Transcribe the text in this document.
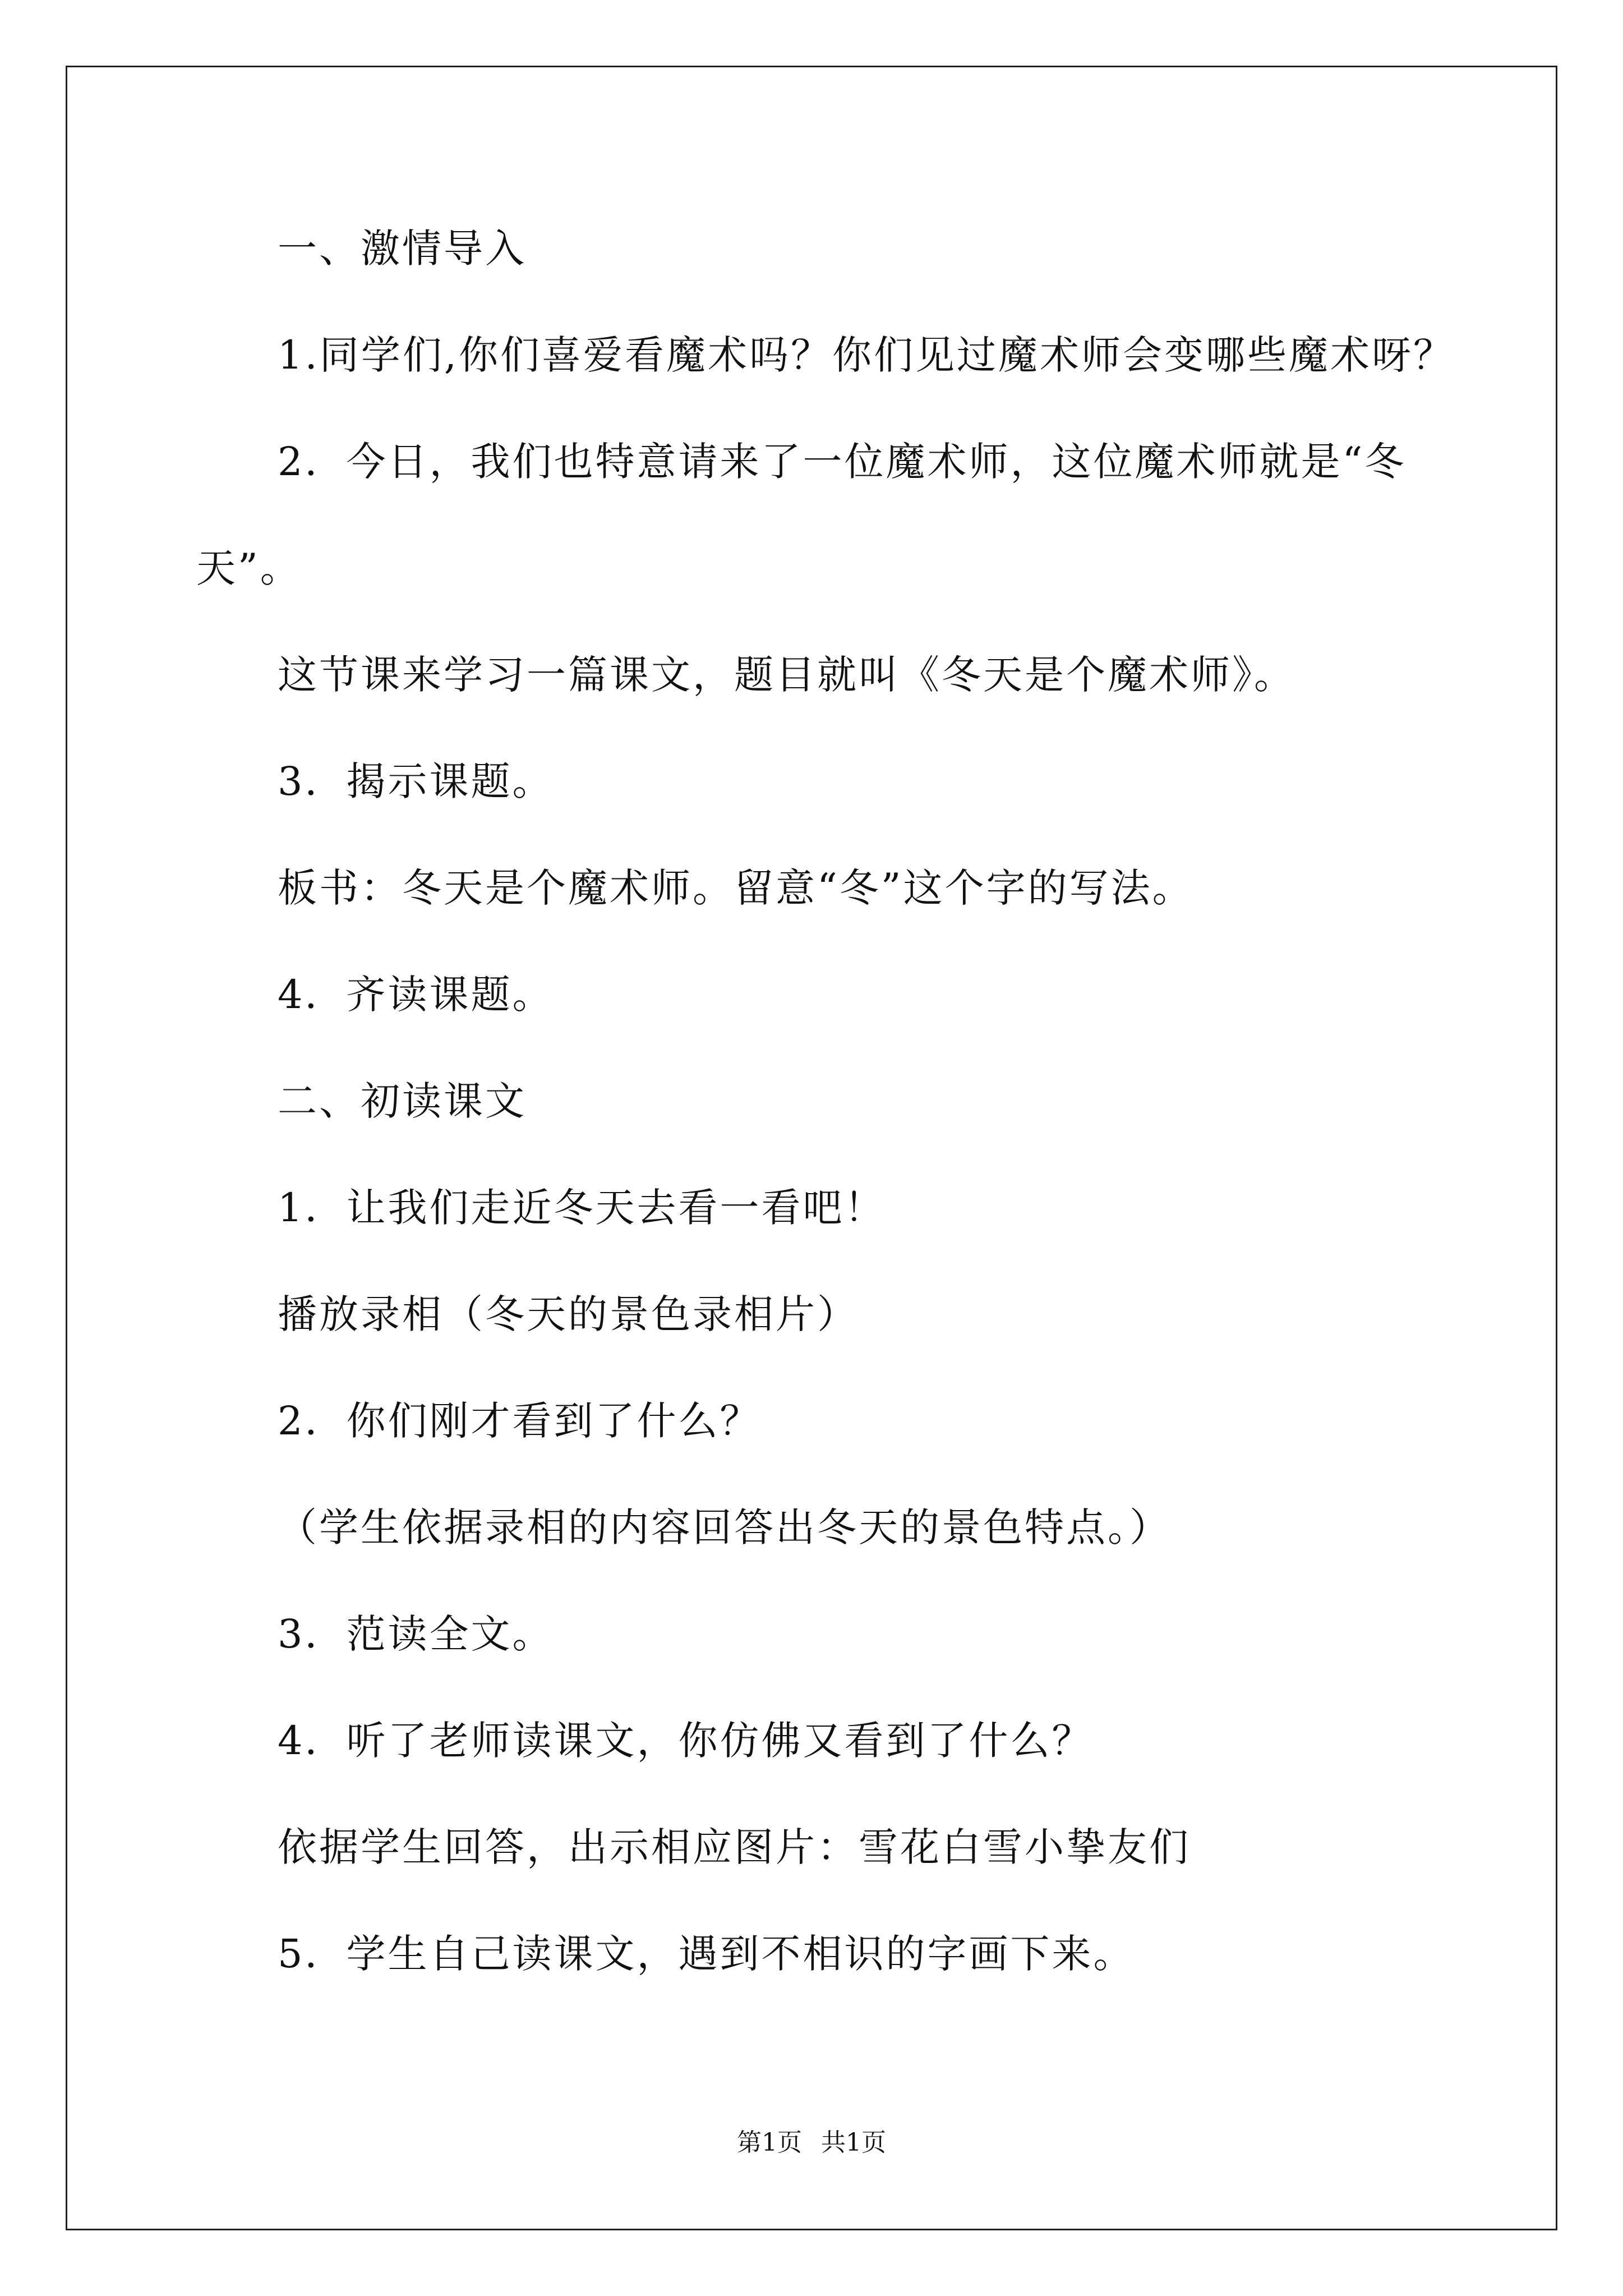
一、激情导入
1.同学们,你们喜爱看魔术吗？你们见过魔术师会变哪些魔术呀？
2．今日，我们也特意请来了一位魔术师，这位魔术师就是“冬
天”。
这节课来学习一篇课文，题目就叫《冬天是个魔术师》。
3．揭示课题。
板书：冬天是个魔术师。留意“冬”这个字的写法。
4．齐读课题。
二、初读课文
1．让我们走近冬天去看一看吧！
播放录相（冬天的景色录相片）
2．你们刚才看到了什么？
（学生依据录相的内容回答出冬天的景色特点。）
3．范读全文。
4．听了老师读课文，你仿佛又看到了什么？
依据学生回答，出示相应图片：雪花白雪小挚友们
5．学生自己读课文，遇到不相识的字画下来。
第1页 共1页
